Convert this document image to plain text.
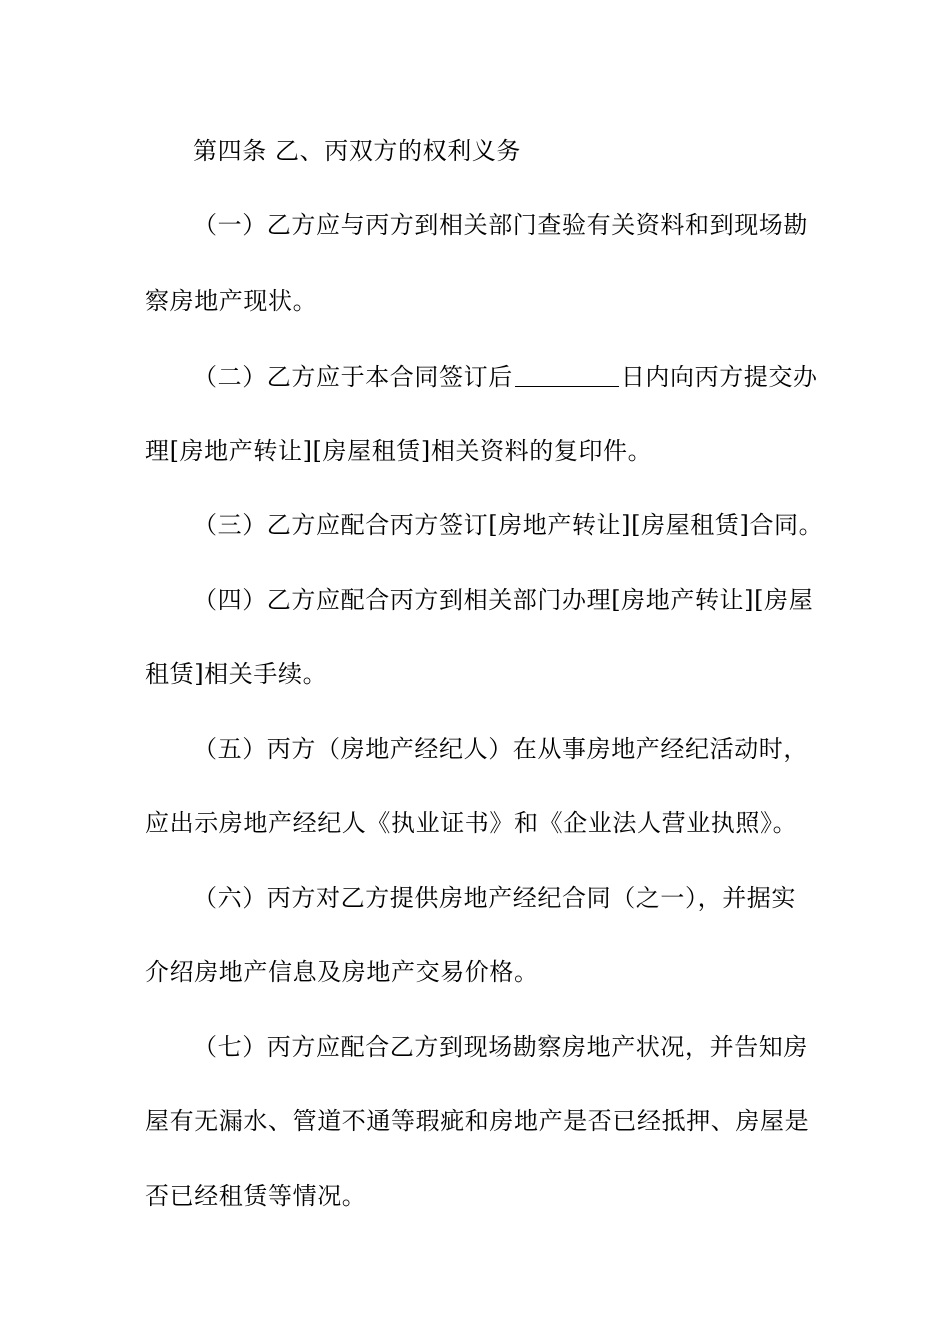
第四条 乙、丙双方的权利义务
（一）乙方应与丙方到相关部门查验有关资料和到现场勘
察房地产现状。
（二）乙方应于本合同签订后	日内向丙方提交办
理[房地产转让][房屋租赁]相关资料的复印件。
（三）乙方应配合丙方签订[房地产转让][房屋租赁]合同。
（四）乙方应配合丙方到相关部门办理[房地产转让][房屋
租赁]相关手续。
（五）丙方（房地产经纪人）在从事房地产经纪活动时，
应出示房地产经纪人《执业证书》和《企业法人营业执照》。
（六）丙方对乙方提供房地产经纪合同（之一），并据实
介绍房地产信息及房地产交易价格。
（七）丙方应配合乙方到现场勘察房地产状况，并告知房
屋有无漏水、管道不通等瑕疵和房地产是否已经抵押、房屋是
否已经租赁等情况。
